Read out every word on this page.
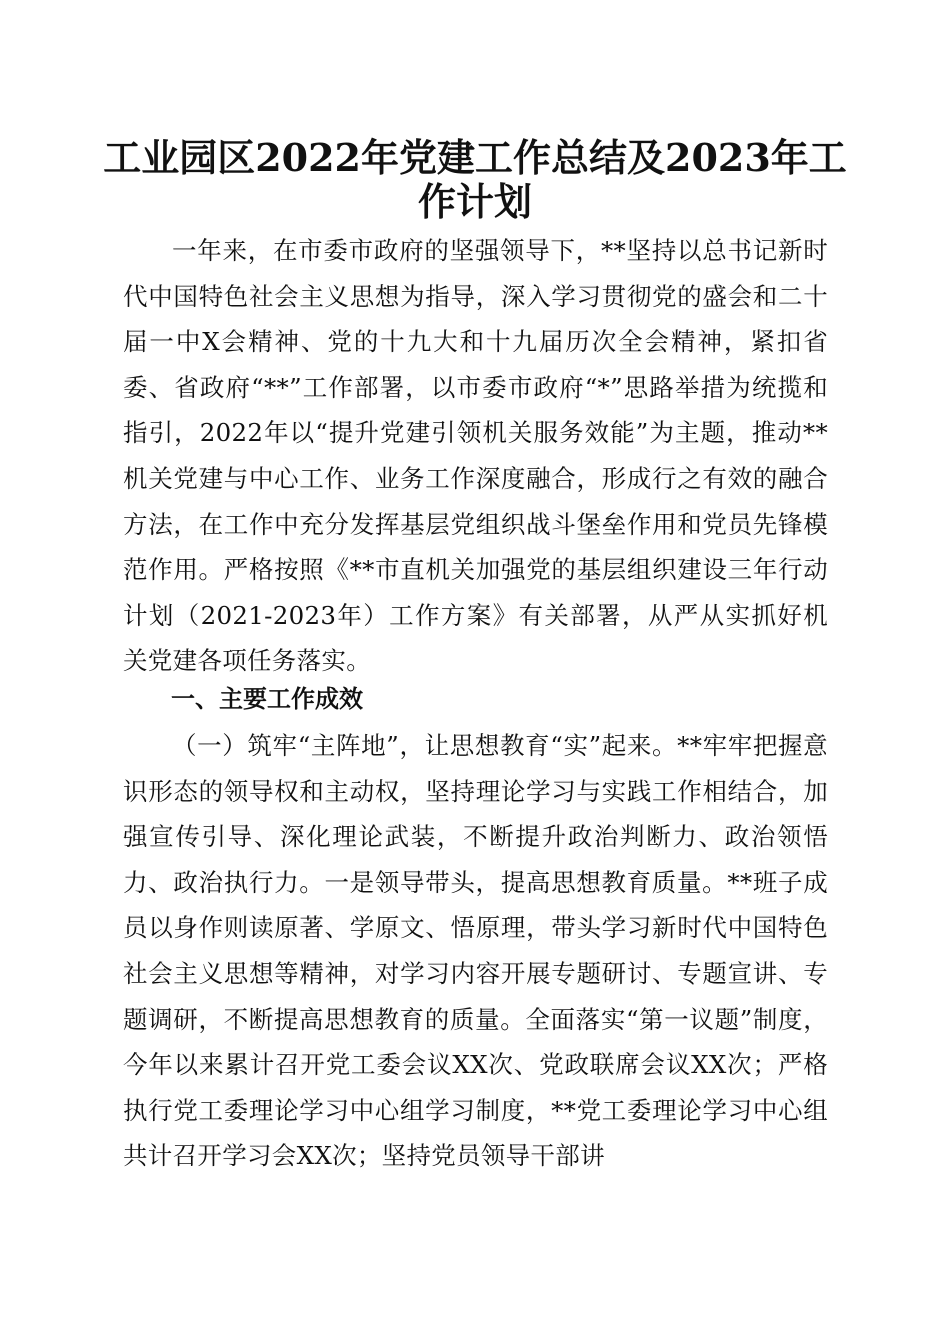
工业园区2022年党建工作总结及2023年工作计划

一年来，在市委市政府的坚强领导下，**坚持以总书记新时代中国特色社会主义思想为指导，深入学习贯彻党的盛会和二十届一中X会精神、党的十九大和十九届历次全会精神，紧扣省委、省政府“**”工作部署，以市委市政府“*”思路举措为统揽和指引，2022年以“提升党建引领机关服务效能”为主题，推动**机关党建与中心工作、业务工作深度融合，形成行之有效的融合方法，在工作中充分发挥基层党组织战斗堡垒作用和党员先锋模范作用。严格按照《**市直机关加强党的基层组织建设三年行动计划（2021-2023年）工作方案》有关部署，从严从实抓好机关党建各项任务落实。

一、主要工作成效

（一）筑牢“主阵地”，让思想教育“实”起来。**牢牢把握意识形态的领导权和主动权，坚持理论学习与实践工作相结合，加强宣传引导、深化理论武装，不断提升政治判断力、政治领悟力、政治执行力。一是领导带头，提高思想教育质量。**班子成员以身作则读原著、学原文、悟原理，带头学习新时代中国特色社会主义思想等精神，对学习内容开展专题研讨、专题宣讲、专题调研，不断提高思想教育的质量。全面落实“第一议题”制度，今年以来累计召开党工委会议XX次、党政联席会议XX次；严格执行党工委理论学习中心组学习制度，**党工委理论学习中心组共计召开学习会XX次；坚持党员领导干部讲
